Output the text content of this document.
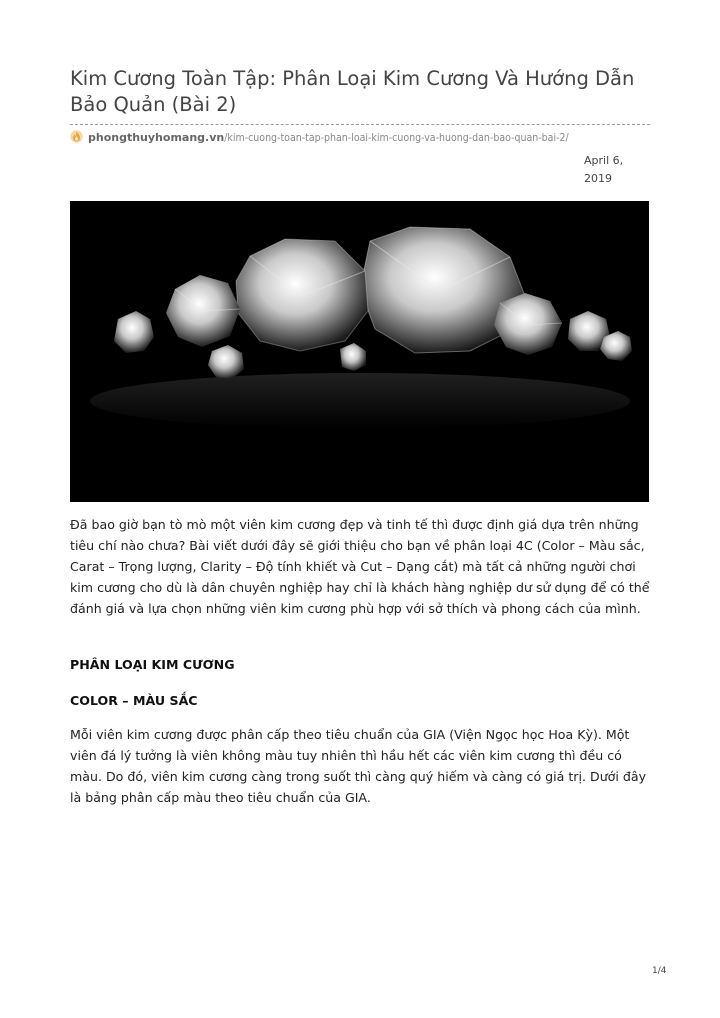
Kim Cương Toàn Tập: Phân Loại Kim Cương Và Hướng Dẫn Bảo Quản (Bài 2)
phongthuyhomang.vn/kim-cuong-toan-tap-phan-loai-kim-cuong-va-huong-dan-bao-quan-bai-2/
April 6,
2019

Đã bao giờ bạn tò mò một viên kim cương đẹp và tinh tế thì được định giá dựa trên những tiêu chí nào chưa? Bài viết dưới đây sẽ giới thiệu cho bạn về phân loại 4C (Color – Màu sắc, Carat – Trọng lượng, Clarity – Độ tính khiết và Cut – Dạng cắt) mà tất cả những người chơi kim cương cho dù là dân chuyên nghiệp hay chỉ là khách hàng nghiệp dư sử dụng để có thể đánh giá và lựa chọn những viên kim cương phù hợp với sở thích và phong cách của mình.

PHÂN LOẠI KIM CƯƠNG
COLOR – MÀU SẮC

Mỗi viên kim cương được phân cấp theo tiêu chuẩn của GIA (Viện Ngọc học Hoa Kỳ). Một viên đá lý tưởng là viên không màu tuy nhiên thì hầu hết các viên kim cương thì đều có màu. Do đó, viên kim cương càng trong suốt thì càng quý hiếm và càng có giá trị. Dưới đây là bảng phân cấp màu theo tiêu chuẩn của GIA.

1/4
